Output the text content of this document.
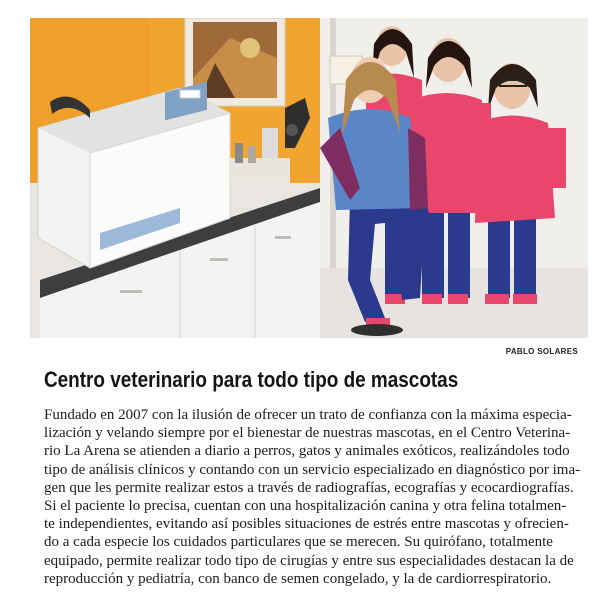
PABLO SOLARES
Centro veterinario para todo tipo de mascotas
Fundado en 2007 con la ilusión de ofrecer un trato de confianza con la máxima especia-
lización y velando siempre por el bienestar de nuestras mascotas, en el Centro Veterina-
rio La Arena se atienden a diario a perros, gatos y animales exóticos, realizándoles todo
tipo de análisis clínicos y contando con un servicio especializado en diagnóstico por ima-
gen que les permite realizar estos a través de radiografías, ecografías y ecocardiografías.
Si el paciente lo precisa, cuentan con una hospitalización canina y otra felina totalmen-
te independientes, evitando así posibles situaciones de estrés entre mascotas y ofrecien-
do a cada especie los cuidados particulares que se merecen. Su quirófano, totalmente
equipado, permite realizar todo tipo de cirugías y entre sus especialidades destacan la de
reproducción y pediatría, con banco de semen congelado, y la de cardiorrespiratorio.
